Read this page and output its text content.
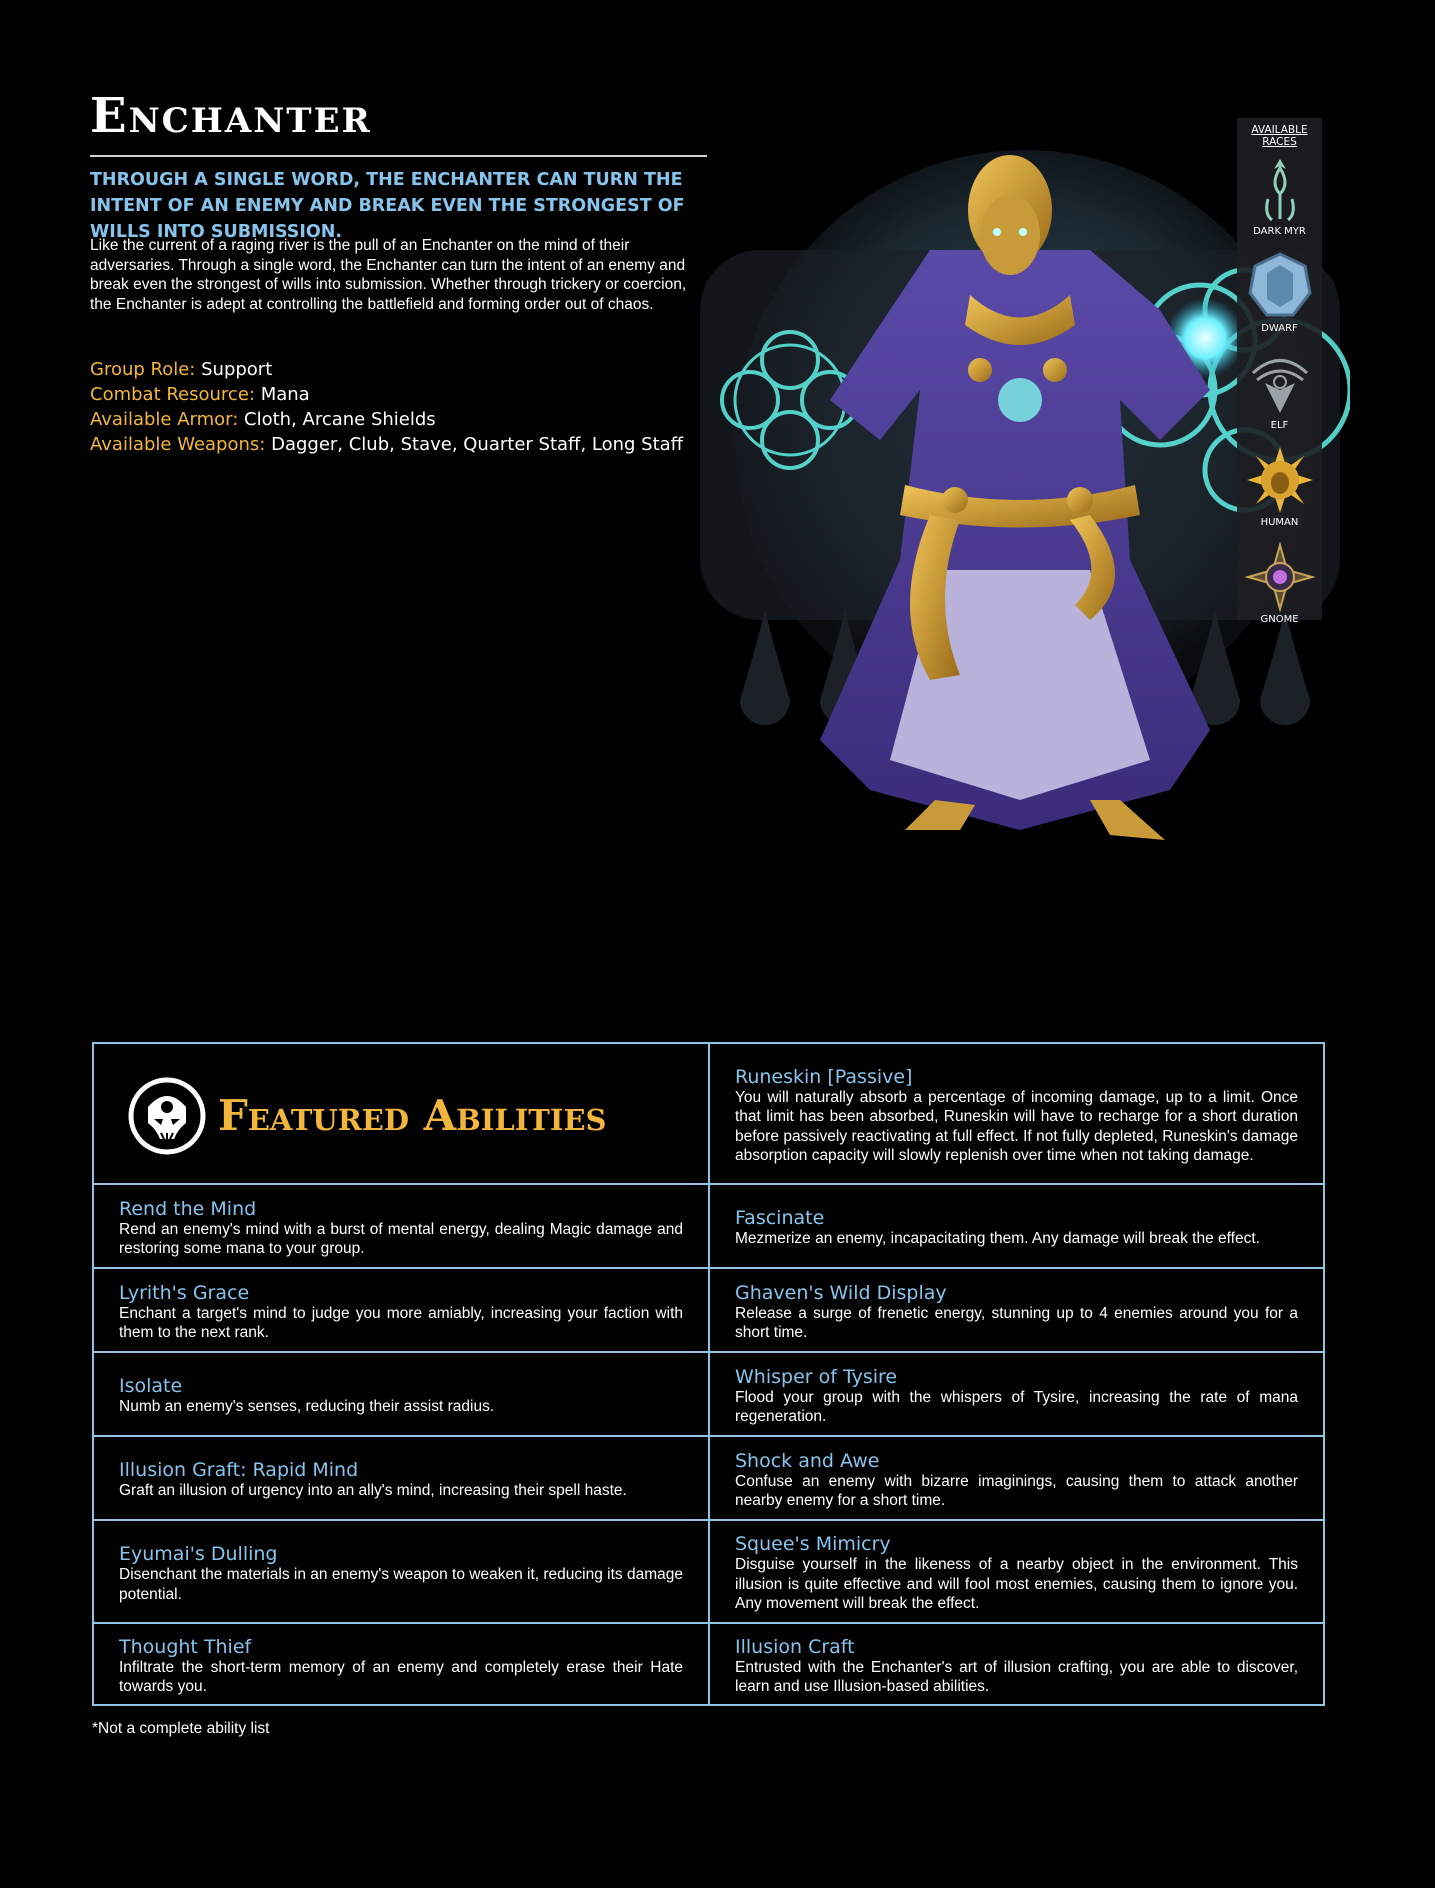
Enchanter

THROUGH A SINGLE WORD, THE ENCHANTER CAN TURN THE INTENT OF AN ENEMY AND BREAK EVEN THE STRONGEST OF WILLS INTO SUBMISSION.

Like the current of a raging river is the pull of an Enchanter on the mind of their adversaries. Through a single word, the Enchanter can turn the intent of an enemy and break even the strongest of wills into submission. Whether through trickery or coercion, the Enchanter is adept at controlling the battlefield and forming order out of chaos.

Group Role: Support
Combat Resource: Mana
Available Armor: Cloth, Arcane Shields
Available Weapons: Dagger, Club, Stave, Quarter Staff, Long Staff
AVAILABLE RACES
DARK MYR
DWARF
ELF
HUMAN
GNOME
Featured Abilities
Runeskin [Passive]
You will naturally absorb a percentage of incoming damage, up to a limit. Once that limit has been absorbed, Runeskin will have to recharge for a short duration before passively reactivating at full effect. If not fully depleted, Runeskin's damage absorption capacity will slowly replenish over time when not taking damage.
Rend the Mind
Rend an enemy's mind with a burst of mental energy, dealing Magic damage and restoring some mana to your group.
Fascinate
Mezmerize an enemy, incapacitating them. Any damage will break the effect.
Lyrith's Grace
Enchant a target's mind to judge you more amiably, increasing your faction with them to the next rank.
Ghaven's Wild Display
Release a surge of frenetic energy, stunning up to 4 enemies around you for a short time.
Isolate
Numb an enemy's senses, reducing their assist radius.
Whisper of Tysire
Flood your group with the whispers of Tysire, increasing the rate of mana regeneration.
Illusion Graft: Rapid Mind
Graft an illusion of urgency into an ally's mind, increasing their spell haste.
Shock and Awe
Confuse an enemy with bizarre imaginings, causing them to attack another nearby enemy for a short time.
Eyumai's Dulling
Disenchant the materials in an enemy's weapon to weaken it, reducing its damage potential.
Squee's Mimicry
Disguise yourself in the likeness of a nearby object in the environment. This illusion is quite effective and will fool most enemies, causing them to ignore you. Any movement will break the effect.
Thought Thief
Infiltrate the short-term memory of an enemy and completely erase their Hate towards you.
Illusion Craft
Entrusted with the Enchanter's art of illusion crafting, you are able to discover, learn and use Illusion-based abilities.
*Not a complete ability list
